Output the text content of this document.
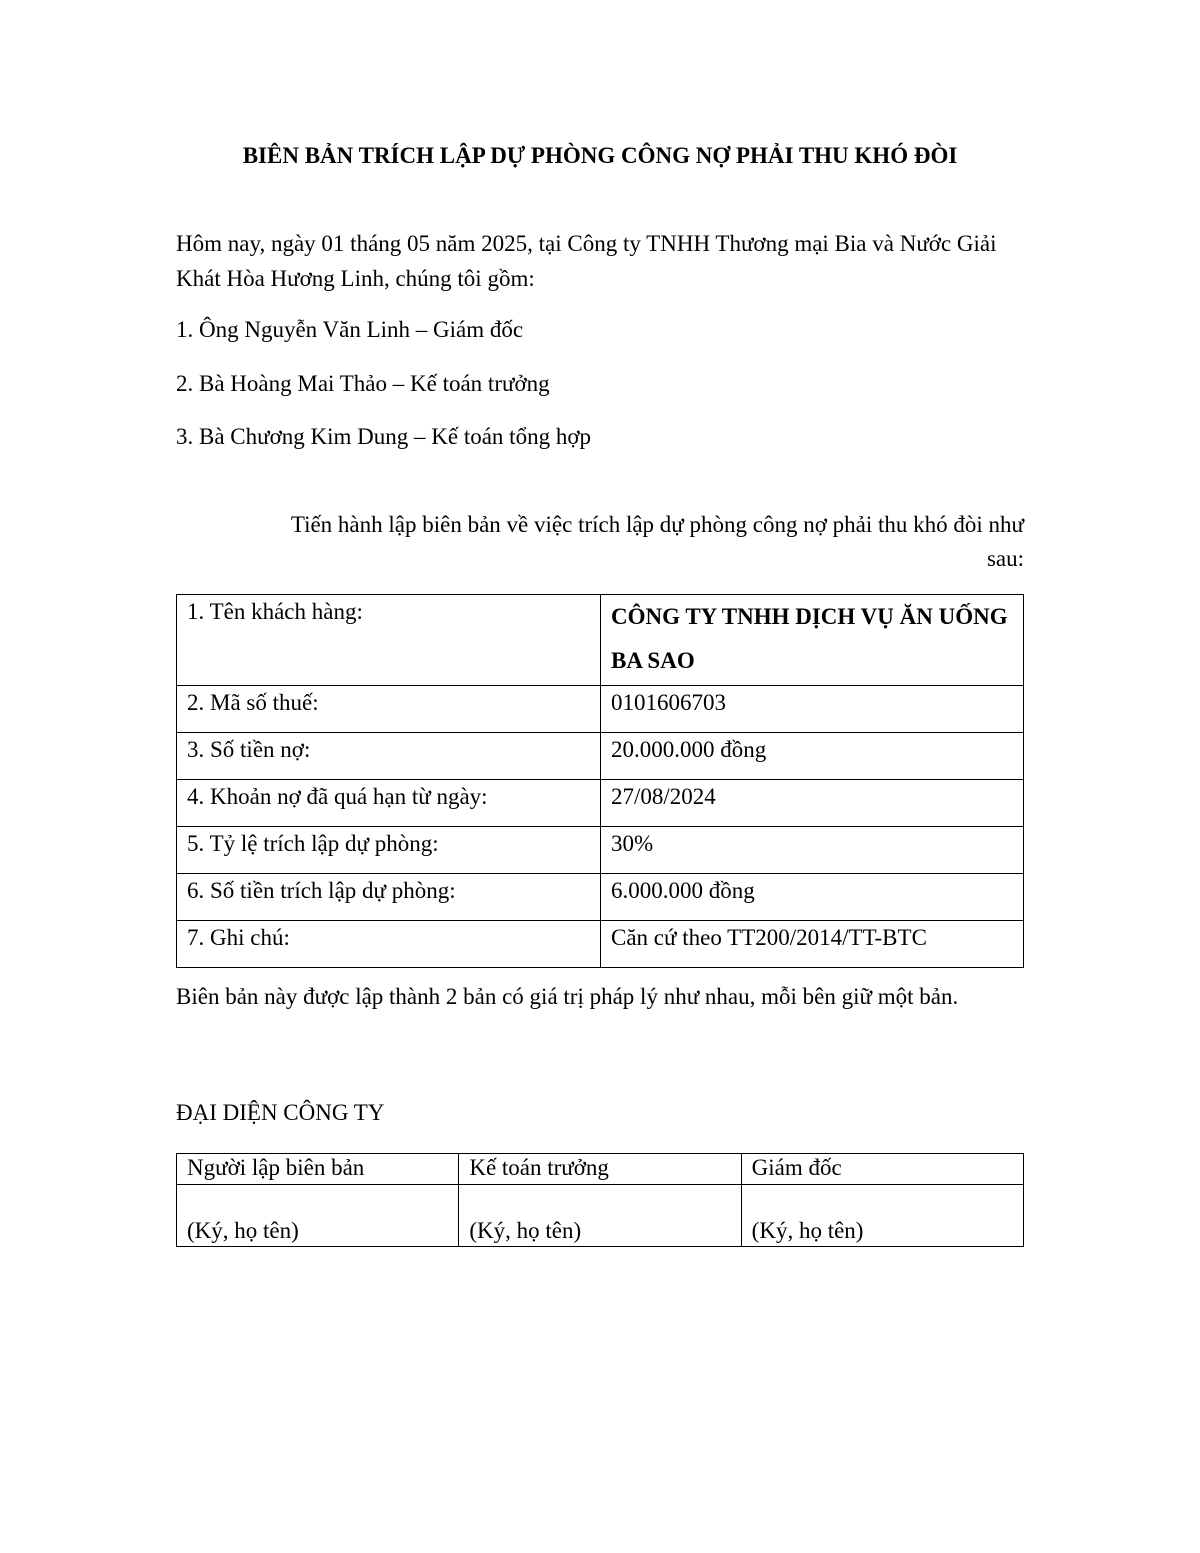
BIÊN BẢN TRÍCH LẬP DỰ PHÒNG CÔNG NỢ PHẢI THU KHÓ ĐÒI
Hôm nay, ngày 01 tháng 05 năm 2025, tại Công ty TNHH Thương mại Bia và Nước Giải Khát Hòa Hương Linh, chúng tôi gồm:
1. Ông Nguyễn Văn Linh – Giám đốc
2. Bà Hoàng Mai Thảo – Kế toán trưởng
3. Bà Chương Kim Dung – Kế toán tổng hợp
Tiến hành lập biên bản về việc trích lập dự phòng công nợ phải thu khó đòi như
sau:
1. Tên khách hàng:	CÔNG TY TNHH DỊCH VỤ ĂN UỐNG BA SAO
2. Mã số thuế:	0101606703
3. Số tiền nợ:	20.000.000 đồng
4. Khoản nợ đã quá hạn từ ngày:	27/08/2024
5. Tỷ lệ trích lập dự phòng:	30%
6. Số tiền trích lập dự phòng:	6.000.000 đồng
7. Ghi chú:	Căn cứ theo TT200/2014/TT-BTC
Biên bản này được lập thành 2 bản có giá trị pháp lý như nhau, mỗi bên giữ một bản.
ĐẠI DIỆN CÔNG TY
Người lập biên bản	Kế toán trưởng	Giám đốc
(Ký, họ tên)	(Ký, họ tên)	(Ký, họ tên)
